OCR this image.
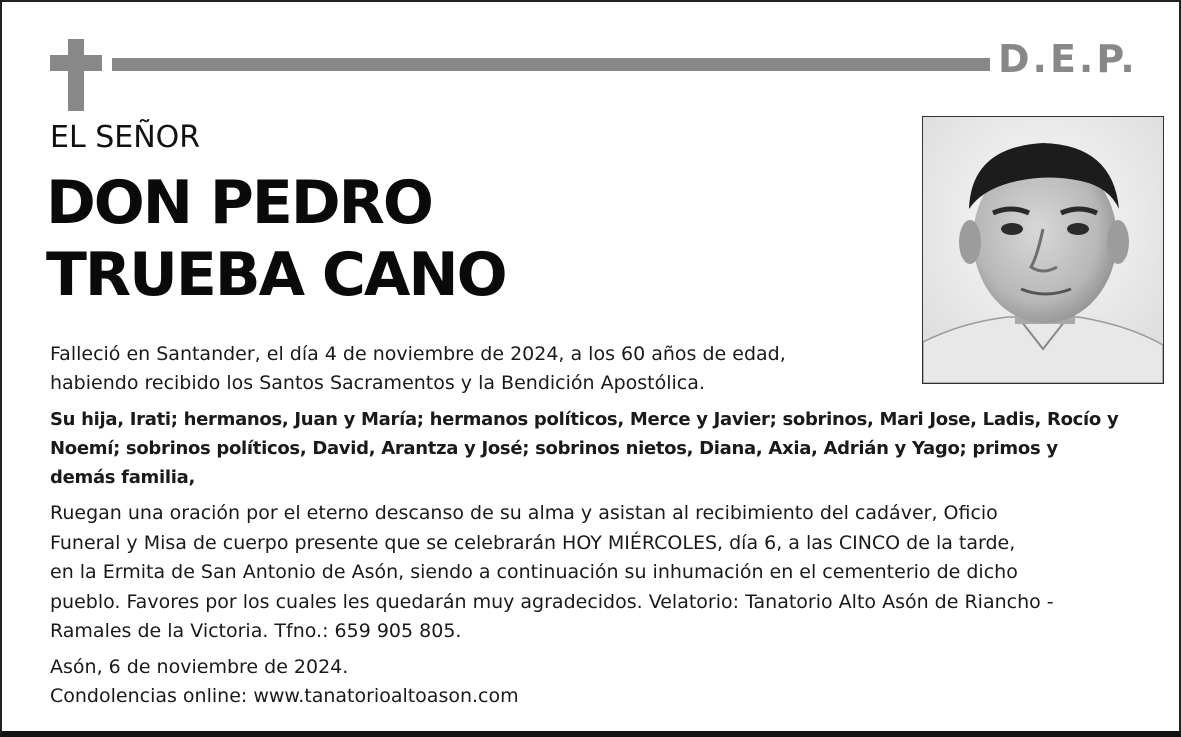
D.E.P.
EL SEÑOR
DON PEDRO
TRUEBA CANO
Falleció en Santander, el día 4 de noviembre de 2024, a los 60 años de edad,
habiendo recibido los Santos Sacramentos y la Bendición Apostólica.
Su hija, Irati; hermanos, Juan y María; hermanos políticos, Merce y Javier; sobrinos, Mari Jose, Ladis, Rocío y
Noemí; sobrinos políticos, David, Arantza y José; sobrinos nietos, Diana, Axia, Adrián y Yago; primos y
demás familia,
Ruegan una oración por el eterno descanso de su alma y asistan al recibimiento del cadáver, Oficio
Funeral y Misa de cuerpo presente que se celebrarán HOY MIÉRCOLES, día 6, a las CINCO de la tarde,
en la Ermita de San Antonio de Asón, siendo a continuación su inhumación en el cementerio de dicho
pueblo. Favores por los cuales les quedarán muy agradecidos. Velatorio: Tanatorio Alto Asón de Riancho -
Ramales de la Victoria. Tfno.: 659 905 805.
Asón, 6 de noviembre de 2024.
Condolencias online: www.tanatorioaltoason.com
